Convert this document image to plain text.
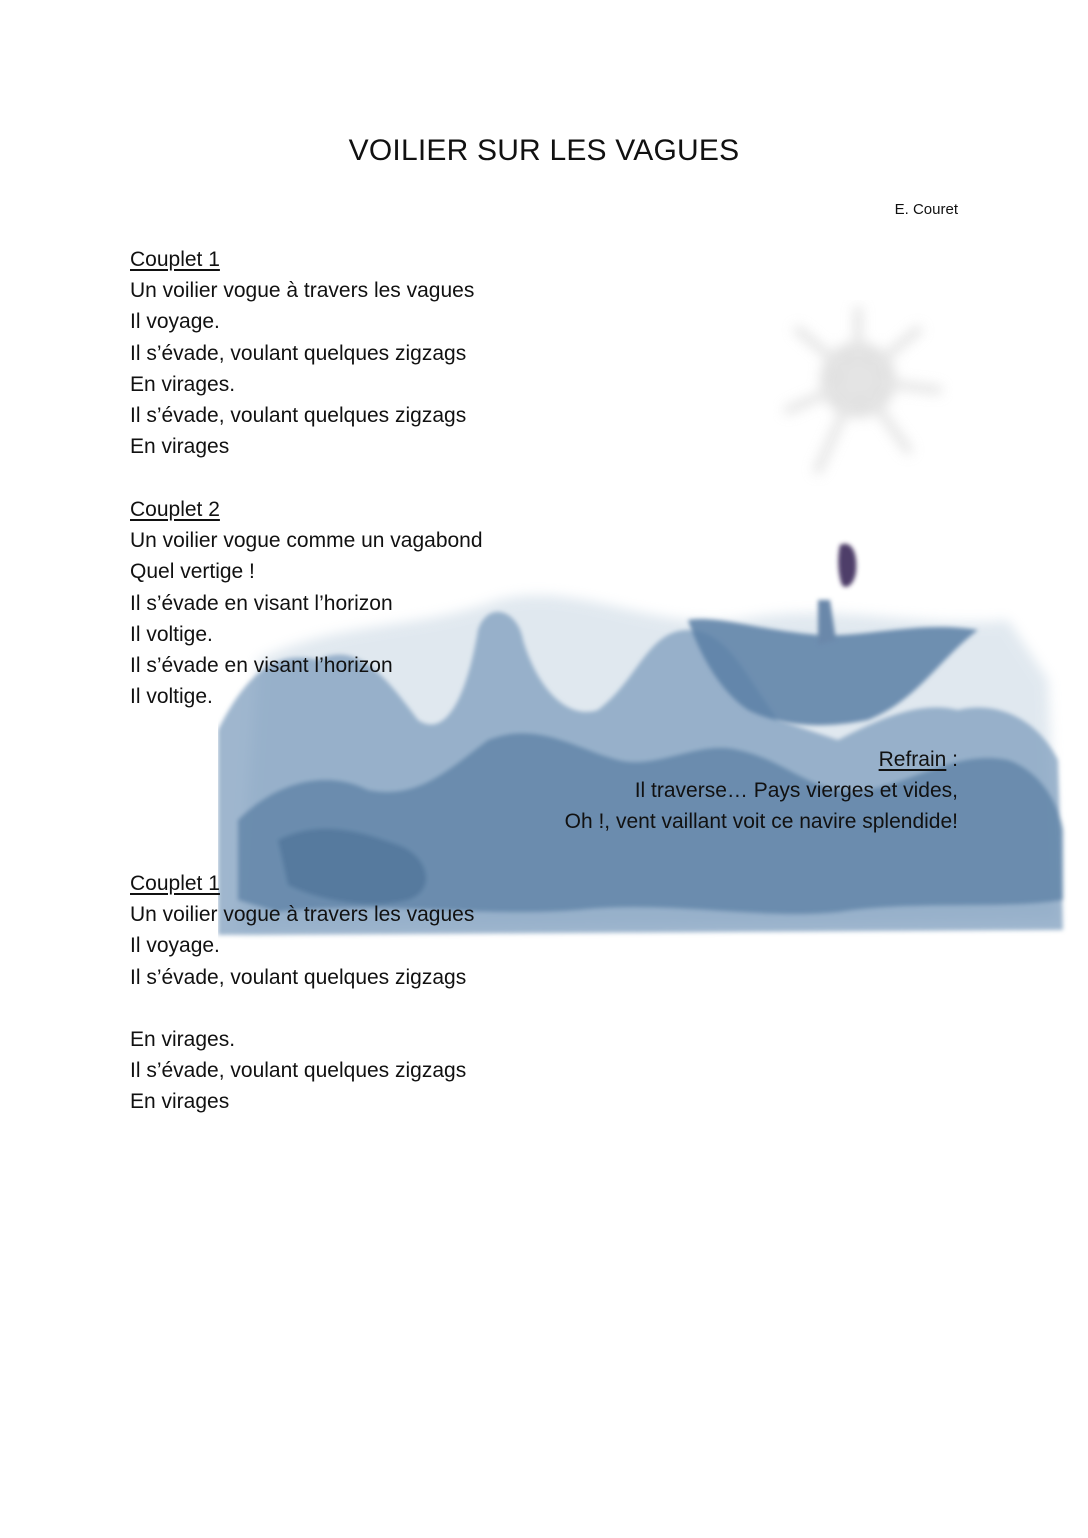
VOILIER SUR LES VAGUES
E. Couret
Couplet 1
Un voilier vogue à travers les vagues
Il voyage.
Il s’évade, voulant quelques zigzags
En virages.
Il s’évade, voulant quelques zigzags
En virages
Couplet 2
Un voilier vogue comme un vagabond
Quel vertige !
Il s’évade en visant l’horizon
Il voltige.
Il s’évade en visant l’horizon
Il voltige.
Refrain :
Il traverse… Pays vierges et vides,
Oh !, vent vaillant voit ce navire splendide!
Couplet 1
Un voilier vogue à travers les vagues
Il voyage.
Il s’évade, voulant quelques zigzags

En virages.
Il s’évade, voulant quelques zigzags
En virages
